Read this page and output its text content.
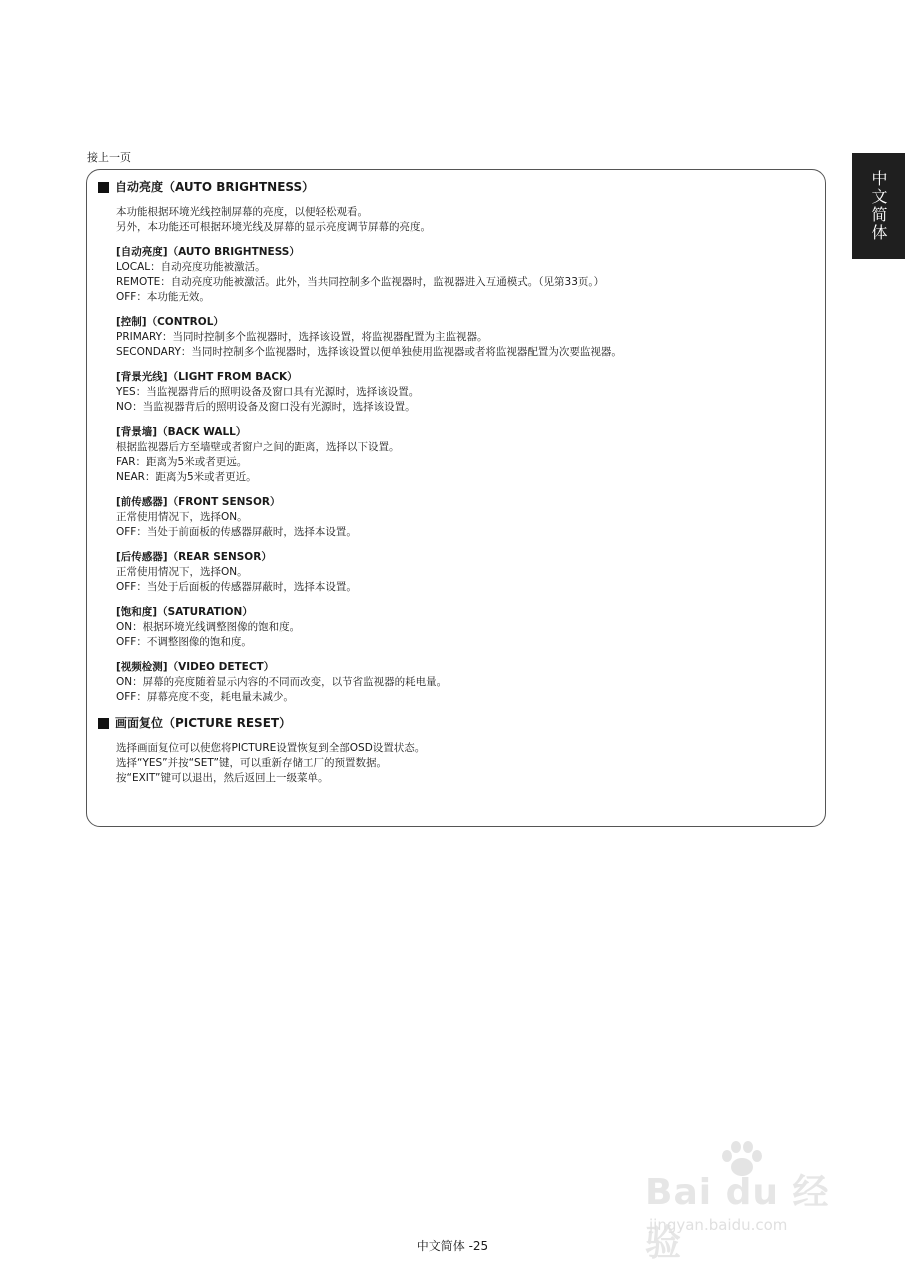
接上一页
自动亮度（AUTO BRIGHTNESS）
本功能根据环境光线控制屏幕的亮度，以便轻松观看。
另外，本功能还可根据环境光线及屏幕的显示亮度调节屏幕的亮度。
[自动亮度]（AUTO BRIGHTNESS）
LOCAL：自动亮度功能被激活。
REMOTE：自动亮度功能被激活。此外，当共同控制多个监视器时，监视器进入互通模式。（见第33页。）
OFF：本功能无效。
[控制]（CONTROL）
PRIMARY：当同时控制多个监视器时，选择该设置，将监视器配置为主监视器。
SECONDARY：当同时控制多个监视器时，选择该设置以便单独使用监视器或者将监视器配置为次要监视器。
[背景光线]（LIGHT FROM BACK）
YES：当监视器背后的照明设备及窗口具有光源时，选择该设置。
NO：当监视器背后的照明设备及窗口没有光源时，选择该设置。
[背景墙]（BACK WALL）
根据监视器后方至墙壁或者窗户之间的距离，选择以下设置。
FAR：距离为5米或者更远。
NEAR：距离为5米或者更近。
[前传感器]（FRONT SENSOR）
正常使用情况下，选择ON。
OFF：当处于前面板的传感器屏蔽时，选择本设置。
[后传感器]（REAR SENSOR）
正常使用情况下，选择ON。
OFF：当处于后面板的传感器屏蔽时，选择本设置。
[饱和度]（SATURATION）
ON：根据环境光线调整图像的饱和度。
OFF：不调整图像的饱和度。
[视频检测]（VIDEO DETECT）
ON：屏幕的亮度随着显示内容的不同而改变，以节省监视器的耗电量。
OFF：屏幕亮度不变，耗电量未减少。
画面复位（PICTURE RESET）
选择画面复位可以使您将PICTURE设置恢复到全部OSD设置状态。
选择“YES”并按“SET”键，可以重新存储工厂的预置数据。
按“EXIT”键可以退出，然后返回上一级菜单。
中文简体
Bai du 经验
jingyan.baidu.com
中文简体 -25
